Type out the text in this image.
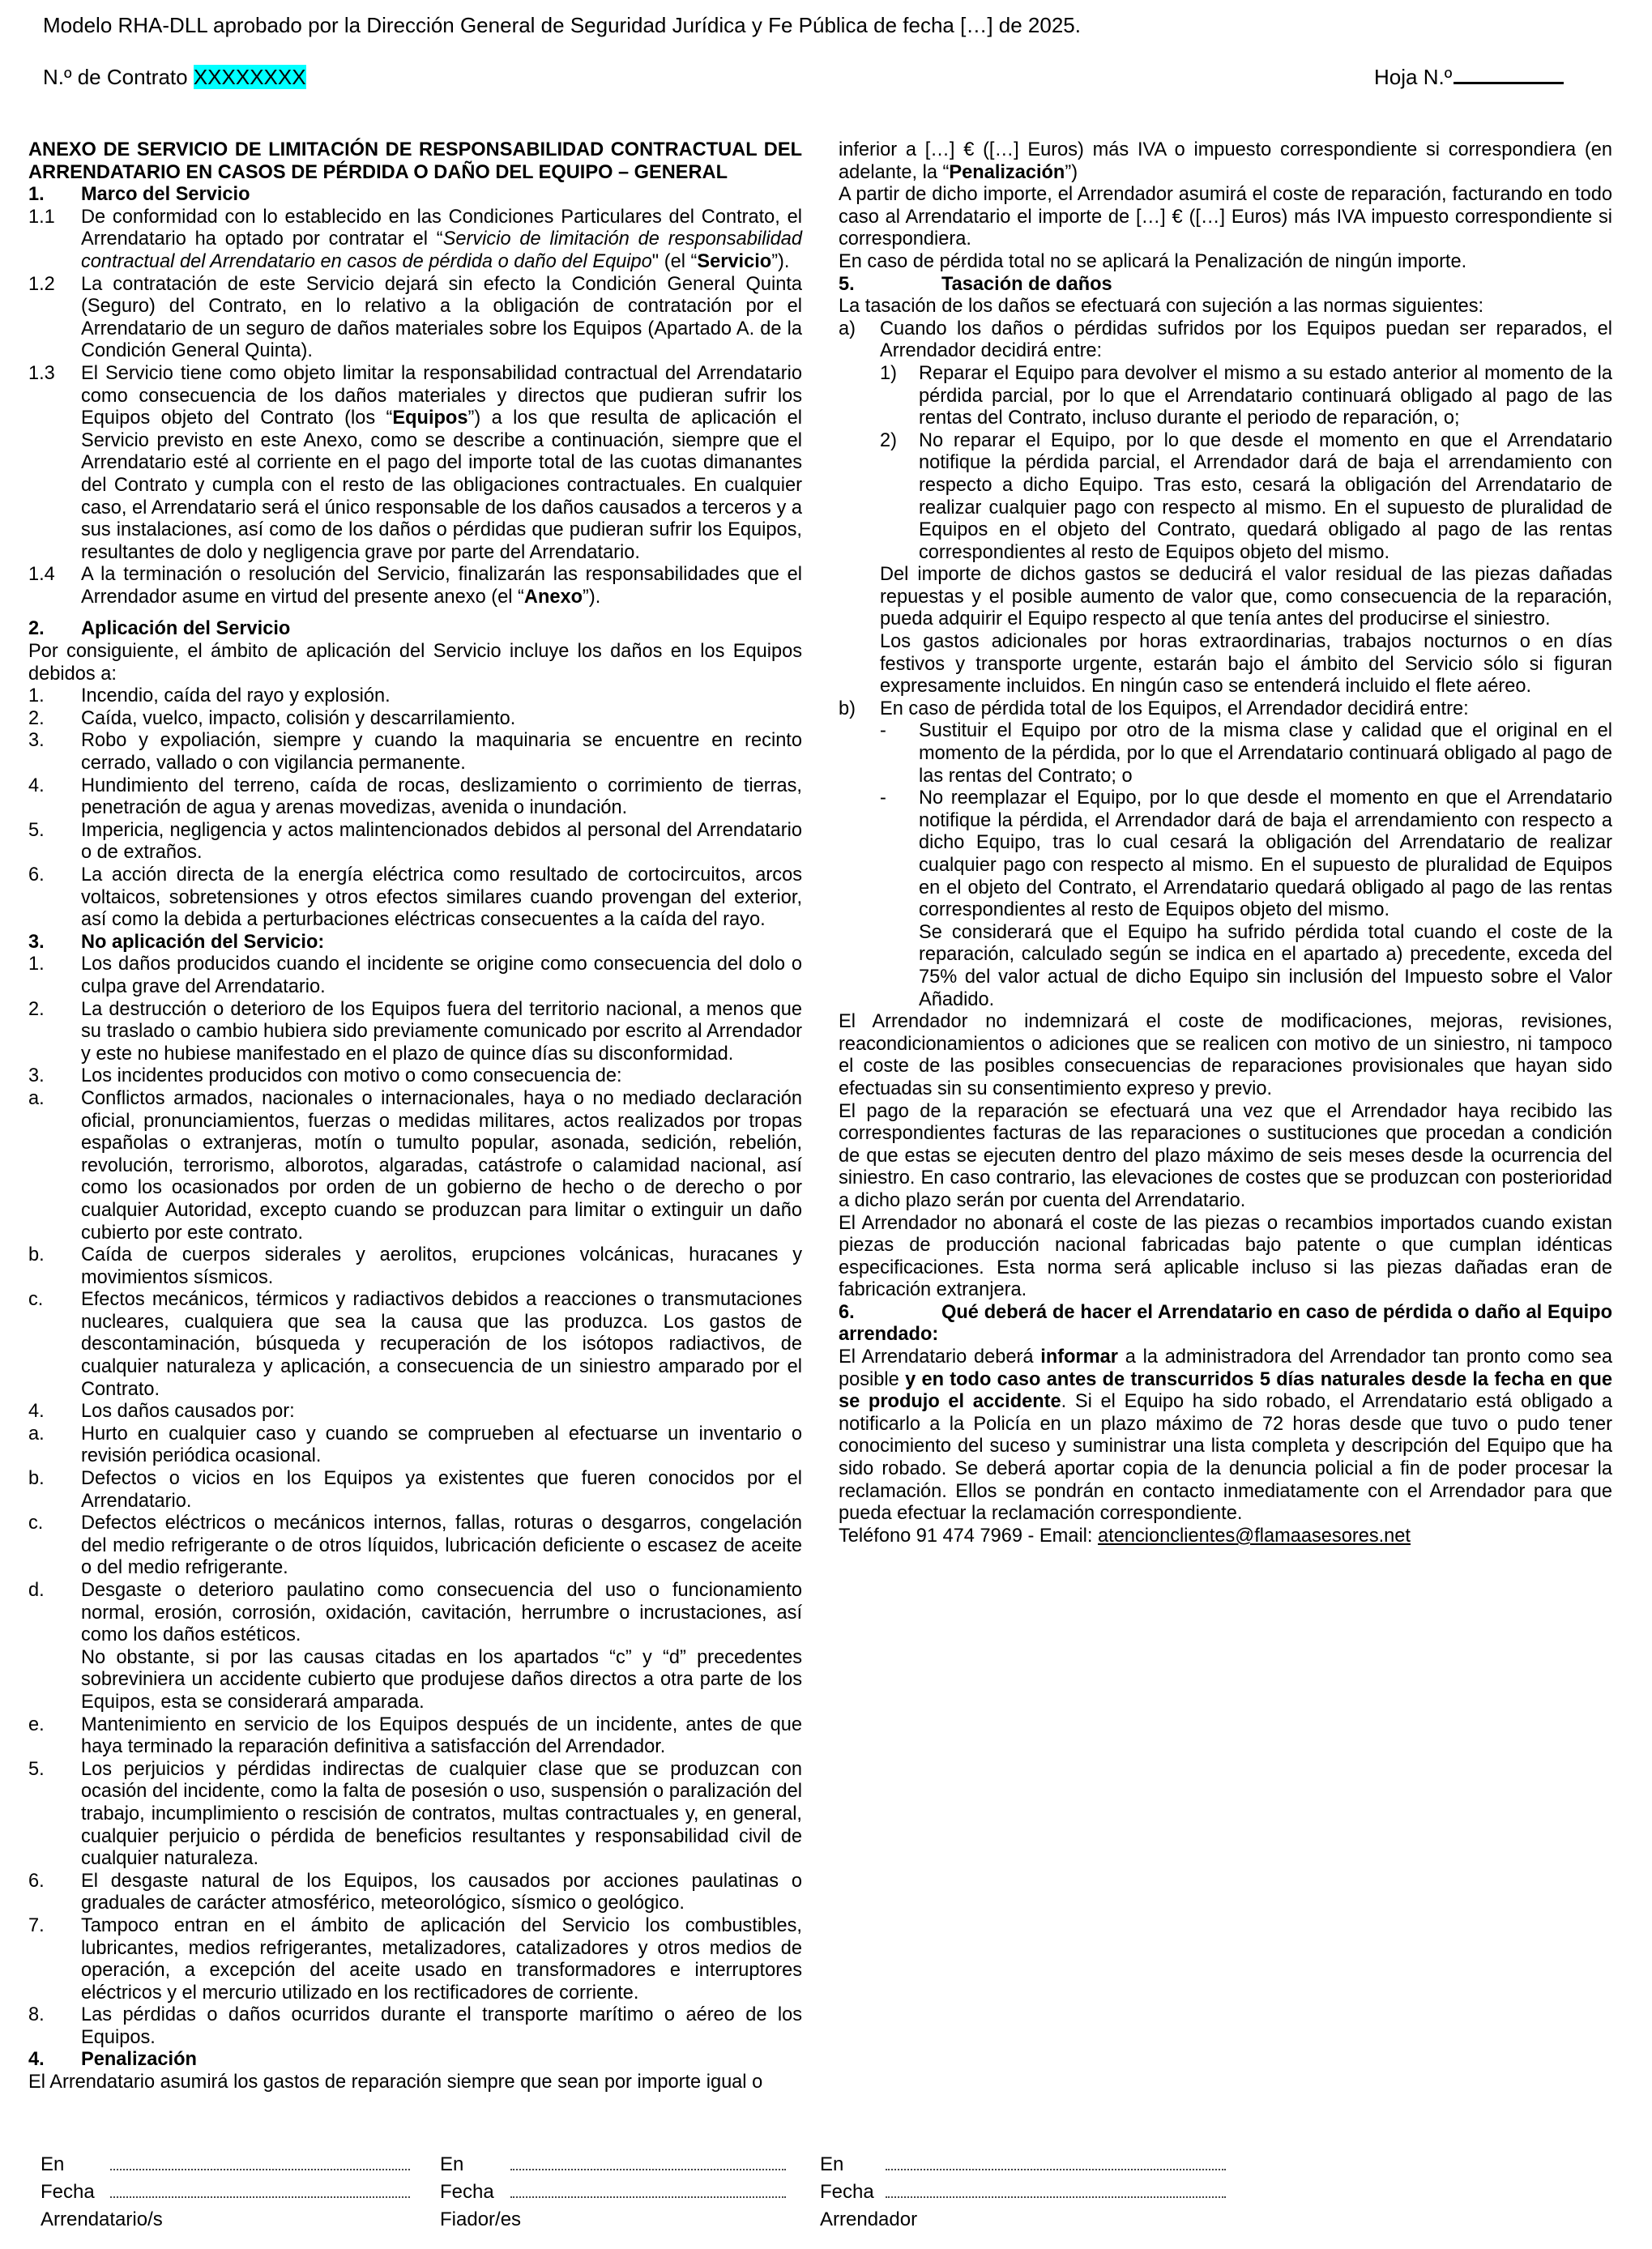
Modelo RHA-DLL aprobado por la Dirección General de Seguridad Jurídica y Fe Pública de fecha […] de 2025.
N.º de Contrato XXXXXXXX	Hoja N.º
ANEXO DE SERVICIO DE LIMITACIÓN DE RESPONSABILIDAD CONTRACTUAL DEL ARRENDATARIO EN CASOS DE PÉRDIDA O DAÑO DEL EQUIPO – GENERAL
1. Marco del Servicio
1.1 De conformidad con lo establecido en las Condiciones Particulares del Contrato, el Arrendatario ha optado por contratar el “Servicio de limitación de responsabilidad contractual del Arrendatario en casos de pérdida o daño del Equipo" (el “Servicio”).
1.2 La contratación de este Servicio dejará sin efecto la Condición General Quinta (Seguro) del Contrato, en lo relativo a la obligación de contratación por el Arrendatario de un seguro de daños materiales sobre los Equipos (Apartado A. de la Condición General Quinta).
1.3 El Servicio tiene como objeto limitar la responsabilidad contractual del Arrendatario como consecuencia de los daños materiales y directos que pudieran sufrir los Equipos objeto del Contrato (los “Equipos”) a los que resulta de aplicación el Servicio previsto en este Anexo, como se describe a continuación, siempre que el Arrendatario esté al corriente en el pago del importe total de las cuotas dimanantes del Contrato y cumpla con el resto de las obligaciones contractuales. En cualquier caso, el Arrendatario será el único responsable de los daños causados a terceros y a sus instalaciones, así como de los daños o pérdidas que pudieran sufrir los Equipos, resultantes de dolo y negligencia grave por parte del Arrendatario.
1.4 A la terminación o resolución del Servicio, finalizarán las responsabilidades que el Arrendador asume en virtud del presente anexo (el “Anexo”).
2. Aplicación del Servicio
Por consiguiente, el ámbito de aplicación del Servicio incluye los daños en los Equipos debidos a:
1. Incendio, caída del rayo y explosión.
2. Caída, vuelco, impacto, colisión y descarrilamiento.
3. Robo y expoliación, siempre y cuando la maquinaria se encuentre en recinto cerrado, vallado o con vigilancia permanente.
4. Hundimiento del terreno, caída de rocas, deslizamiento o corrimiento de tierras, penetración de agua y arenas movedizas, avenida o inundación.
5. Impericia, negligencia y actos malintencionados debidos al personal del Arrendatario o de extraños.
6. La acción directa de la energía eléctrica como resultado de cortocircuitos, arcos voltaicos, sobretensiones y otros efectos similares cuando provengan del exterior, así como la debida a perturbaciones eléctricas consecuentes a la caída del rayo.
3. No aplicación del Servicio:
1. Los daños producidos cuando el incidente se origine como consecuencia del dolo o culpa grave del Arrendatario.
2. La destrucción o deterioro de los Equipos fuera del territorio nacional, a menos que su traslado o cambio hubiera sido previamente comunicado por escrito al Arrendador y este no hubiese manifestado en el plazo de quince días su disconformidad.
3. Los incidentes producidos con motivo o como consecuencia de:
a. Conflictos armados, nacionales o internacionales, haya o no mediado declaración oficial, pronunciamientos, fuerzas o medidas militares, actos realizados por tropas españolas o extranjeras, motín o tumulto popular, asonada, sedición, rebelión, revolución, terrorismo, alborotos, algaradas, catástrofe o calamidad nacional, así como los ocasionados por orden de un gobierno de hecho o de derecho o por cualquier Autoridad, excepto cuando se produzcan para limitar o extinguir un daño cubierto por este contrato.
b. Caída de cuerpos siderales y aerolitos, erupciones volcánicas, huracanes y movimientos sísmicos.
c. Efectos mecánicos, térmicos y radiactivos debidos a reacciones o transmutaciones nucleares, cualquiera que sea la causa que las produzca. Los gastos de descontaminación, búsqueda y recuperación de los isótopos radiactivos, de cualquier naturaleza y aplicación, a consecuencia de un siniestro amparado por el Contrato.
4. Los daños causados por:
a. Hurto en cualquier caso y cuando se comprueben al efectuarse un inventario o revisión periódica ocasional.
b. Defectos o vicios en los Equipos ya existentes que fueren conocidos por el Arrendatario.
c. Defectos eléctricos o mecánicos internos, fallas, roturas o desgarros, congelación del medio refrigerante o de otros líquidos, lubricación deficiente o escasez de aceite o del medio refrigerante.
d. Desgaste o deterioro paulatino como consecuencia del uso o funcionamiento normal, erosión, corrosión, oxidación, cavitación, herrumbre o incrustaciones, así como los daños estéticos.
No obstante, si por las causas citadas en los apartados “c” y “d” precedentes sobreviniera un accidente cubierto que produjese daños directos a otra parte de los Equipos, esta se considerará amparada.
e. Mantenimiento en servicio de los Equipos después de un incidente, antes de que haya terminado la reparación definitiva a satisfacción del Arrendador.
5. Los perjuicios y pérdidas indirectas de cualquier clase que se produzcan con ocasión del incidente, como la falta de posesión o uso, suspensión o paralización del trabajo, incumplimiento o rescisión de contratos, multas contractuales y, en general, cualquier perjuicio o pérdida de beneficios resultantes y responsabilidad civil de cualquier naturaleza.
6. El desgaste natural de los Equipos, los causados por acciones paulatinas o graduales de carácter atmosférico, meteorológico, sísmico o geológico.
7. Tampoco entran en el ámbito de aplicación del Servicio los combustibles, lubricantes, medios refrigerantes, metalizadores, catalizadores y otros medios de operación, a excepción del aceite usado en transformadores e interruptores eléctricos y el mercurio utilizado en los rectificadores de corriente.
8. Las pérdidas o daños ocurridos durante el transporte marítimo o aéreo de los Equipos.
4. Penalización
El Arrendatario asumirá los gastos de reparación siempre que sean por importe igual o
inferior a […] € ([…] Euros) más IVA o impuesto correspondiente si correspondiera (en adelante, la “Penalización”)
A partir de dicho importe, el Arrendador asumirá el coste de reparación, facturando en todo caso al Arrendatario el importe de […] € ([…] Euros) más IVA impuesto correspondiente si correspondiera.
En caso de pérdida total no se aplicará la Penalización de ningún importe.
5.	Tasación de daños
La tasación de los daños se efectuará con sujeción a las normas siguientes:
a) Cuando los daños o pérdidas sufridos por los Equipos puedan ser reparados, el Arrendador decidirá entre:
1) Reparar el Equipo para devolver el mismo a su estado anterior al momento de la pérdida parcial, por lo que el Arrendatario continuará obligado al pago de las rentas del Contrato, incluso durante el periodo de reparación, o;
2) No reparar el Equipo, por lo que desde el momento en que el Arrendatario notifique la pérdida parcial, el Arrendador dará de baja el arrendamiento con respecto a dicho Equipo. Tras esto, cesará la obligación del Arrendatario de realizar cualquier pago con respecto al mismo. En el supuesto de pluralidad de Equipos en el objeto del Contrato, quedará obligado al pago de las rentas correspondientes al resto de Equipos objeto del mismo.
Del importe de dichos gastos se deducirá el valor residual de las piezas dañadas repuestas y el posible aumento de valor que, como consecuencia de la reparación, pueda adquirir el Equipo respecto al que tenía antes del producirse el siniestro.
Los gastos adicionales por horas extraordinarias, trabajos nocturnos o en días festivos y transporte urgente, estarán bajo el ámbito del Servicio sólo si figuran expresamente incluidos. En ningún caso se entenderá incluido el flete aéreo.
b) En caso de pérdida total de los Equipos, el Arrendador decidirá entre:
- Sustituir el Equipo por otro de la misma clase y calidad que el original en el momento de la pérdida, por lo que el Arrendatario continuará obligado al pago de las rentas del Contrato; o
- No reemplazar el Equipo, por lo que desde el momento en que el Arrendatario notifique la pérdida, el Arrendador dará de baja el arrendamiento con respecto a dicho Equipo, tras lo cual cesará la obligación del Arrendatario de realizar cualquier pago con respecto al mismo. En el supuesto de pluralidad de Equipos en el objeto del Contrato, el Arrendatario quedará obligado al pago de las rentas correspondientes al resto de Equipos objeto del mismo.
Se considerará que el Equipo ha sufrido pérdida total cuando el coste de la reparación, calculado según se indica en el apartado a) precedente, exceda del 75% del valor actual de dicho Equipo sin inclusión del Impuesto sobre el Valor Añadido.
El Arrendador no indemnizará el coste de modificaciones, mejoras, revisiones, reacondicionamientos o adiciones que se realicen con motivo de un siniestro, ni tampoco el coste de las posibles consecuencias de reparaciones provisionales que hayan sido efectuadas sin su consentimiento expreso y previo.
El pago de la reparación se efectuará una vez que el Arrendador haya recibido las correspondientes facturas de las reparaciones o sustituciones que procedan a condición de que estas se ejecuten dentro del plazo máximo de seis meses desde la ocurrencia del siniestro. En caso contrario, las elevaciones de costes que se produzcan con posterioridad a dicho plazo serán por cuenta del Arrendatario.
El Arrendador no abonará el coste de las piezas o recambios importados cuando existan piezas de producción nacional fabricadas bajo patente o que cumplan idénticas especificaciones. Esta norma será aplicable incluso si las piezas dañadas eran de fabricación extranjera.
6.	Qué deberá de hacer el Arrendatario en caso de pérdida o daño al Equipo arrendado:
El Arrendatario deberá informar a la administradora del Arrendador tan pronto como sea posible y en todo caso antes de transcurridos 5 días naturales desde la fecha en que se produjo el accidente. Si el Equipo ha sido robado, el Arrendatario está obligado a notificarlo a la Policía en un plazo máximo de 72 horas desde que tuvo o pudo tener conocimiento del suceso y suministrar una lista completa y descripción del Equipo que ha sido robado. Se deberá aportar copia de la denuncia policial a fin de poder procesar la reclamación. Ellos se pondrán en contacto inmediatamente con el Arrendador para que pueda efectuar la reclamación correspondiente.
Teléfono 91 474 7969 - Email: atencionclientes@flamaasesores.net
En
Fecha
Arrendatario/s
En
Fecha
Fiador/es
En
Fecha
Arrendador
